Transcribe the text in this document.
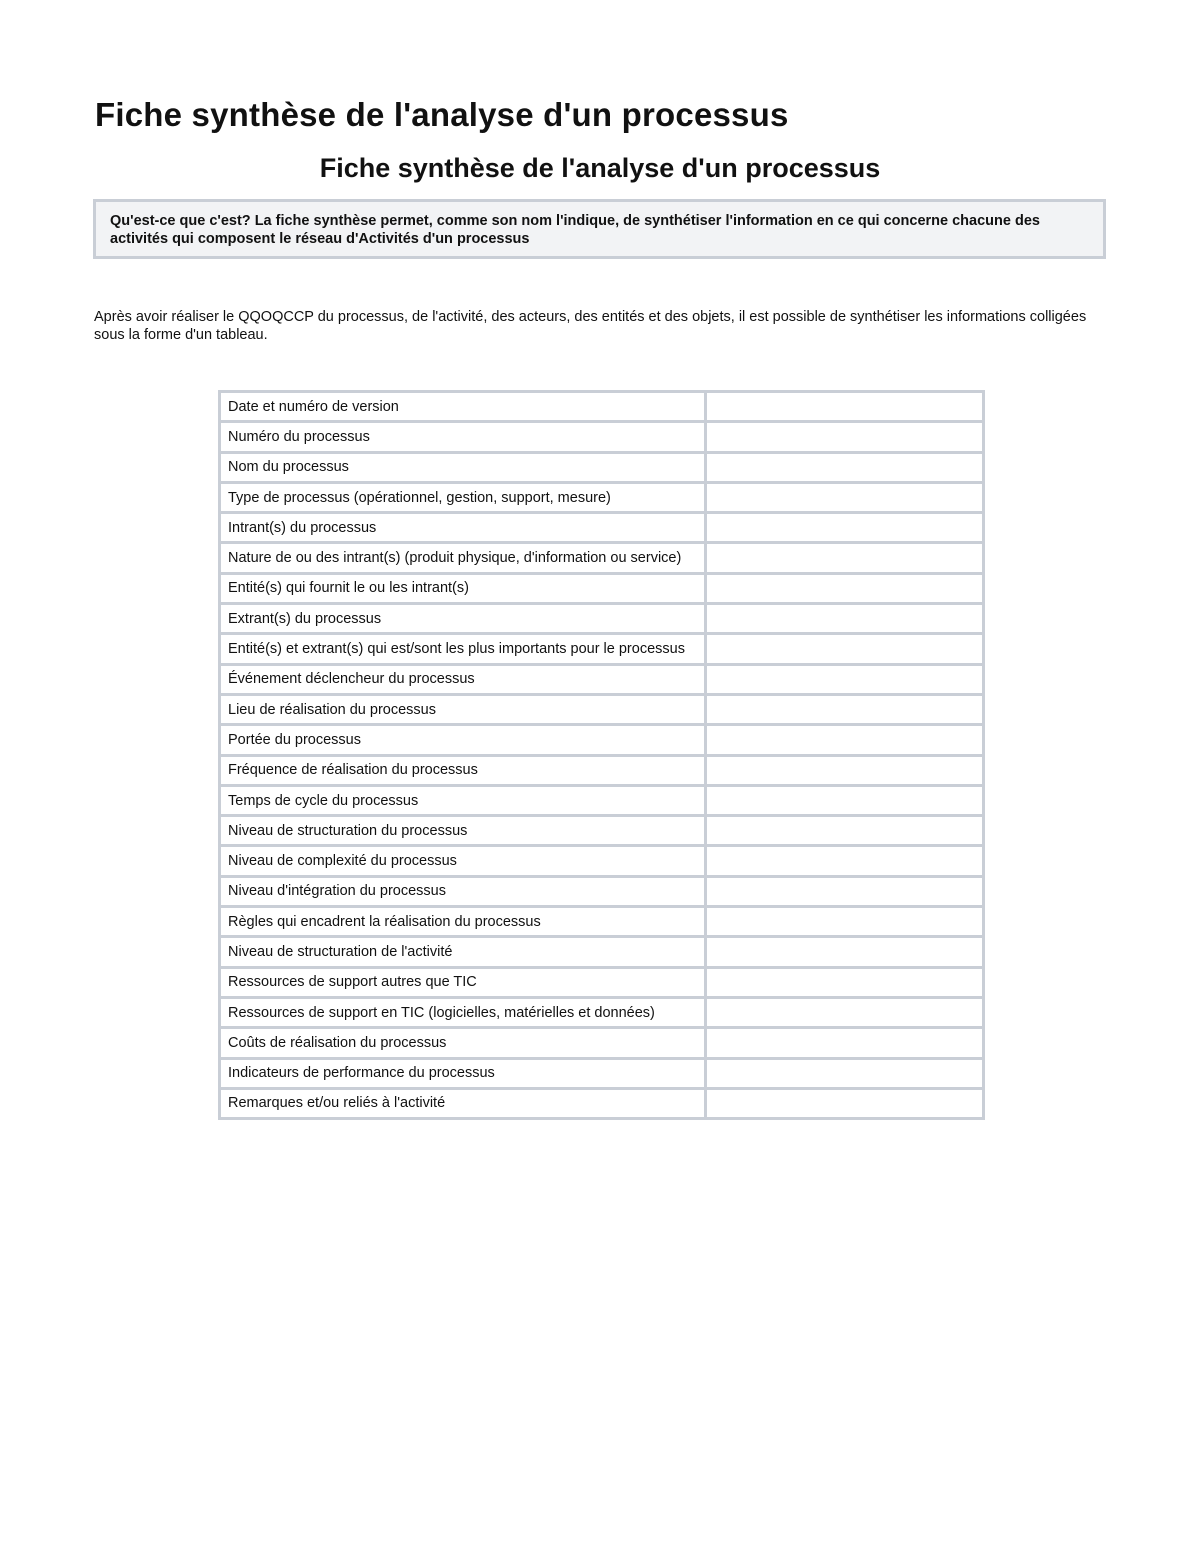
Fiche synthèse de l'analyse d'un processus
Fiche synthèse de l'analyse d'un processus
Qu'est-ce que c'est? La fiche synthèse permet, comme son nom l'indique, de synthétiser l'information en ce qui concerne chacune des activités qui composent le réseau d'Activités d'un processus

Après avoir réaliser le QQOQCCP du processus, de l'activité, des acteurs, des entités et des objets, il est possible de synthétiser les informations colligées sous la forme d'un tableau.

Date et numéro de version	
Numéro du processus	
Nom du processus	
Type de processus (opérationnel, gestion, support, mesure)	
Intrant(s) du processus	
Nature de ou des intrant(s) (produit physique, d'information ou service)	
Entité(s) qui fournit le ou les intrant(s)	
Extrant(s) du processus	
Entité(s) et extrant(s) qui est/sont les plus importants pour le processus	
Événement déclencheur du processus	
Lieu de réalisation du processus	
Portée du processus	
Fréquence de réalisation du processus	
Temps de cycle du processus	
Niveau de structuration du processus	
Niveau de complexité du processus	
Niveau d'intégration du processus	
Règles qui encadrent la réalisation du processus	
Niveau de structuration de l'activité	
Ressources de support autres que TIC	
Ressources de support en TIC (logicielles, matérielles et données)	
Coûts de réalisation du processus	
Indicateurs de performance du processus	
Remarques et/ou reliés à l'activité	
